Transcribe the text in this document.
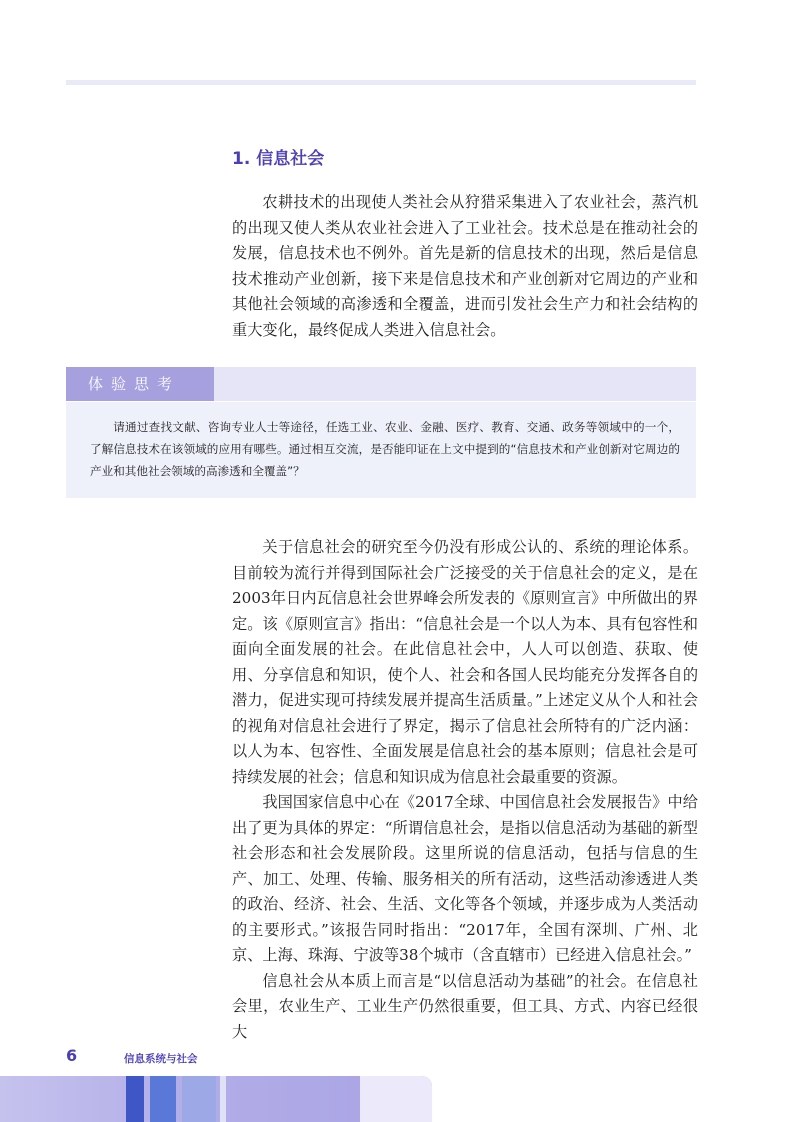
1. 信息社会

农耕技术的出现使人类社会从狩猎采集进入了农业社会，蒸汽机的出现又使人类从农业社会进入了工业社会。技术总是在推动社会的发展，信息技术也不例外。首先是新的信息技术的出现，然后是信息技术推动产业创新，接下来是信息技术和产业创新对它周边的产业和其他社会领域的高渗透和全覆盖，进而引发社会生产力和社会结构的重大变化，最终促成人类进入信息社会。

体验思考

请通过查找文献、咨询专业人士等途径，任选工业、农业、金融、医疗、教育、交通、政务等领域中的一个，了解信息技术在该领域的应用有哪些。通过相互交流，是否能印证在上文中提到的“信息技术和产业创新对它周边的产业和其他社会领域的高渗透和全覆盖”？

关于信息社会的研究至今仍没有形成公认的、系统的理论体系。目前较为流行并得到国际社会广泛接受的关于信息社会的定义，是在2003年日内瓦信息社会世界峰会所发表的《原则宣言》中所做出的界定。该《原则宣言》指出：“信息社会是一个以人为本、具有包容性和面向全面发展的社会。在此信息社会中，人人可以创造、获取、使用、分享信息和知识，使个人、社会和各国人民均能充分发挥各自的潜力，促进实现可持续发展并提高生活质量。”上述定义从个人和社会的视角对信息社会进行了界定，揭示了信息社会所特有的广泛内涵：以人为本、包容性、全面发展是信息社会的基本原则；信息社会是可持续发展的社会；信息和知识成为信息社会最重要的资源。

我国国家信息中心在《2017全球、中国信息社会发展报告》中给出了更为具体的界定：“所谓信息社会，是指以信息活动为基础的新型社会形态和社会发展阶段。这里所说的信息活动，包括与信息的生产、加工、处理、传输、服务相关的所有活动，这些活动渗透进人类的政治、经济、社会、生活、文化等各个领域，并逐步成为人类活动的主要形式。”该报告同时指出：“2017年，全国有深圳、广州、北京、上海、珠海、宁波等38个城市（含直辖市）已经进入信息社会。”

信息社会从本质上而言是“以信息活动为基础”的社会。在信息社会里，农业生产、工业生产仍然很重要，但工具、方式、内容已经很大

6	信息系统与社会
